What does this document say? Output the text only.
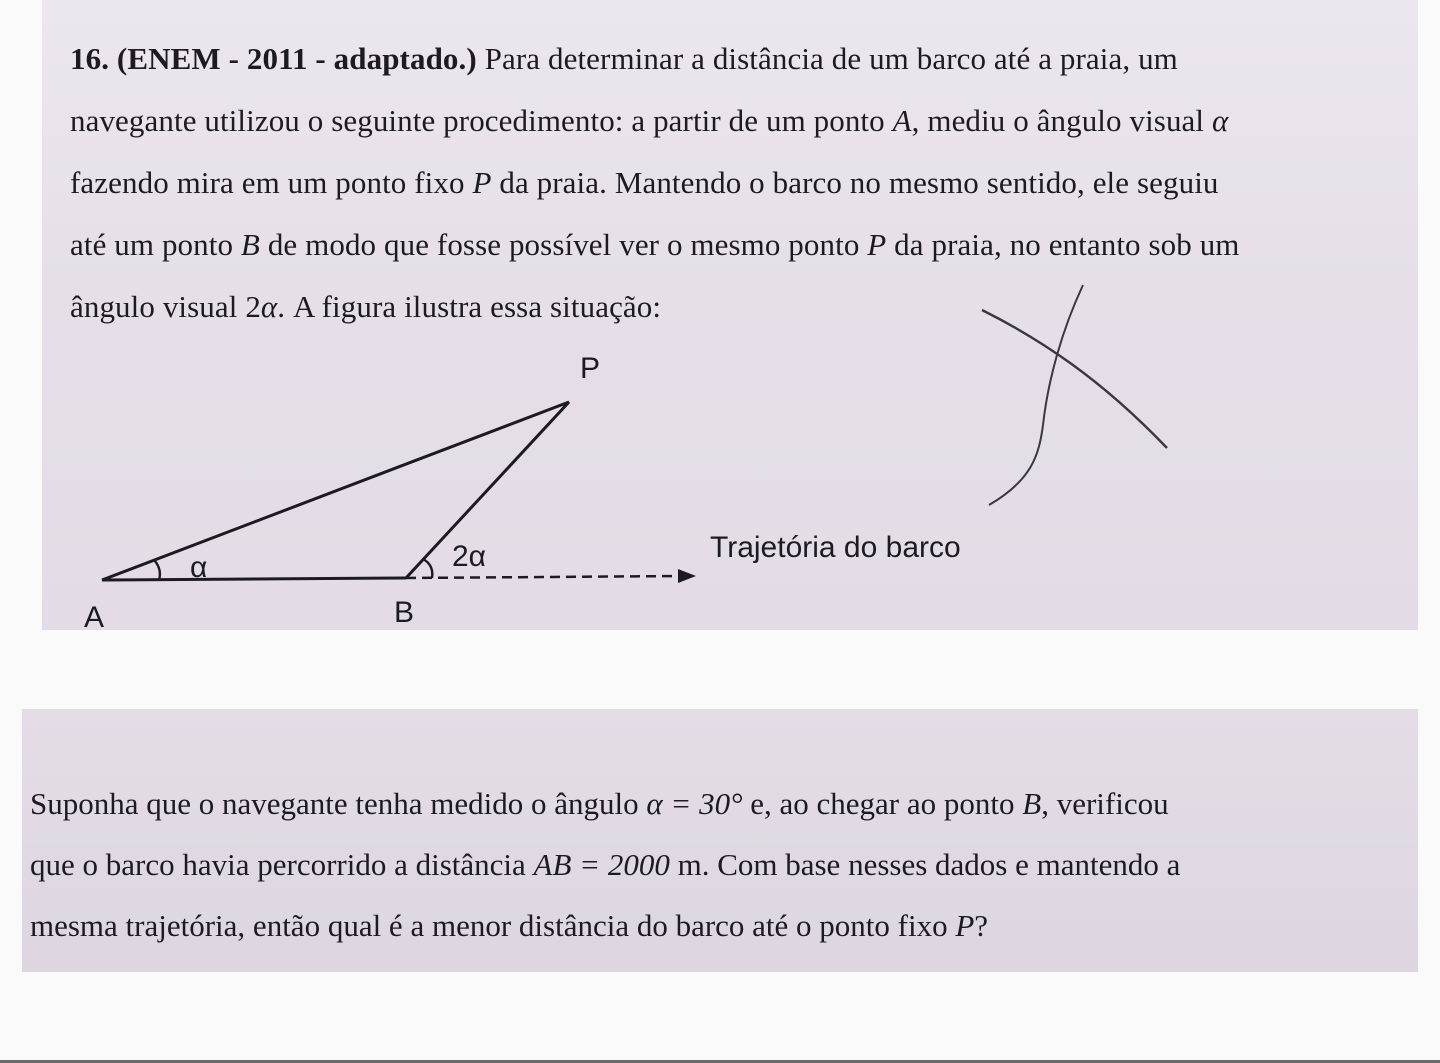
16. (ENEM - 2011 - adaptado.) Para determinar a distância de um barco até a praia, um
navegante utilizou o seguinte procedimento: a partir de um ponto A, mediu o ângulo visual α
fazendo mira em um ponto fixo P da praia. Mantendo o barco no mesmo sentido, ele seguiu
até um ponto B de modo que fosse possível ver o mesmo ponto P da praia, no entanto sob um
ângulo visual 2α. A figura ilustra essa situação:

P
A	B
α	2α	Trajetória do barco

Suponha que o navegante tenha medido o ângulo α = 30° e, ao chegar ao ponto B, verificou
que o barco havia percorrido a distância AB = 2000 m. Com base nesses dados e mantendo a
mesma trajetória, então qual é a menor distância do barco até o ponto fixo P?
